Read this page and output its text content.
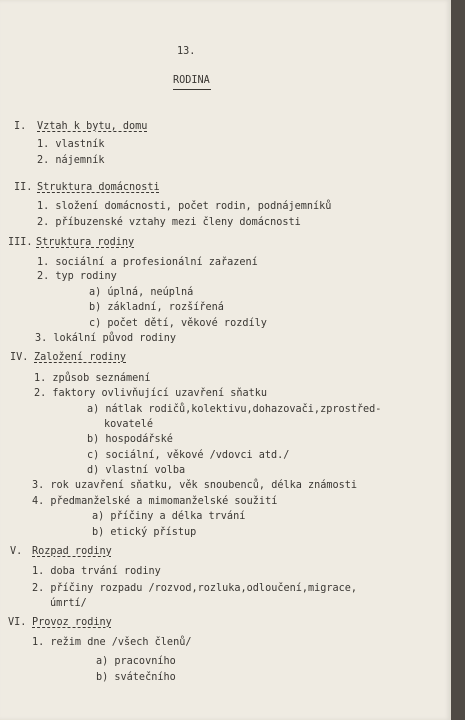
13.
RODINA
I. Vztah k bytu, domu
1. vlastník
2. nájemník
II. Struktura domácnosti
1. složení domácnosti, počet rodin, podnájemníků
2. příbuzenské vztahy mezi členy domácnosti
III. Struktura rodiny
1. sociální a profesionální zařazení
2. typ rodiny
a) úplná, neúplná
b) základní, rozšířená
c) počet dětí, věkové rozdíly
3. lokální původ rodiny
IV. Založení rodiny
1. způsob seznámení
2. faktory ovlivňující uzavření sňatku
a) nátlak rodičů,kolektivu,dohazovači,zprostřed-
kovatelé
b) hospodářské
c) sociální, věkové /vdovci atd./
d) vlastní volba
3. rok uzavření sňatku, věk snoubenců, délka známosti
4. předmanželské a mimomanželské soužití
a) příčiny a délka trvání
b) etický přístup
V. Rozpad rodiny
1. doba trvání rodiny
2. příčiny rozpadu /rozvod,rozluka,odloučení,migrace,
úmrtí/
VI. Provoz rodiny
1. režim dne /všech členů/
a) pracovního
b) svátečního
